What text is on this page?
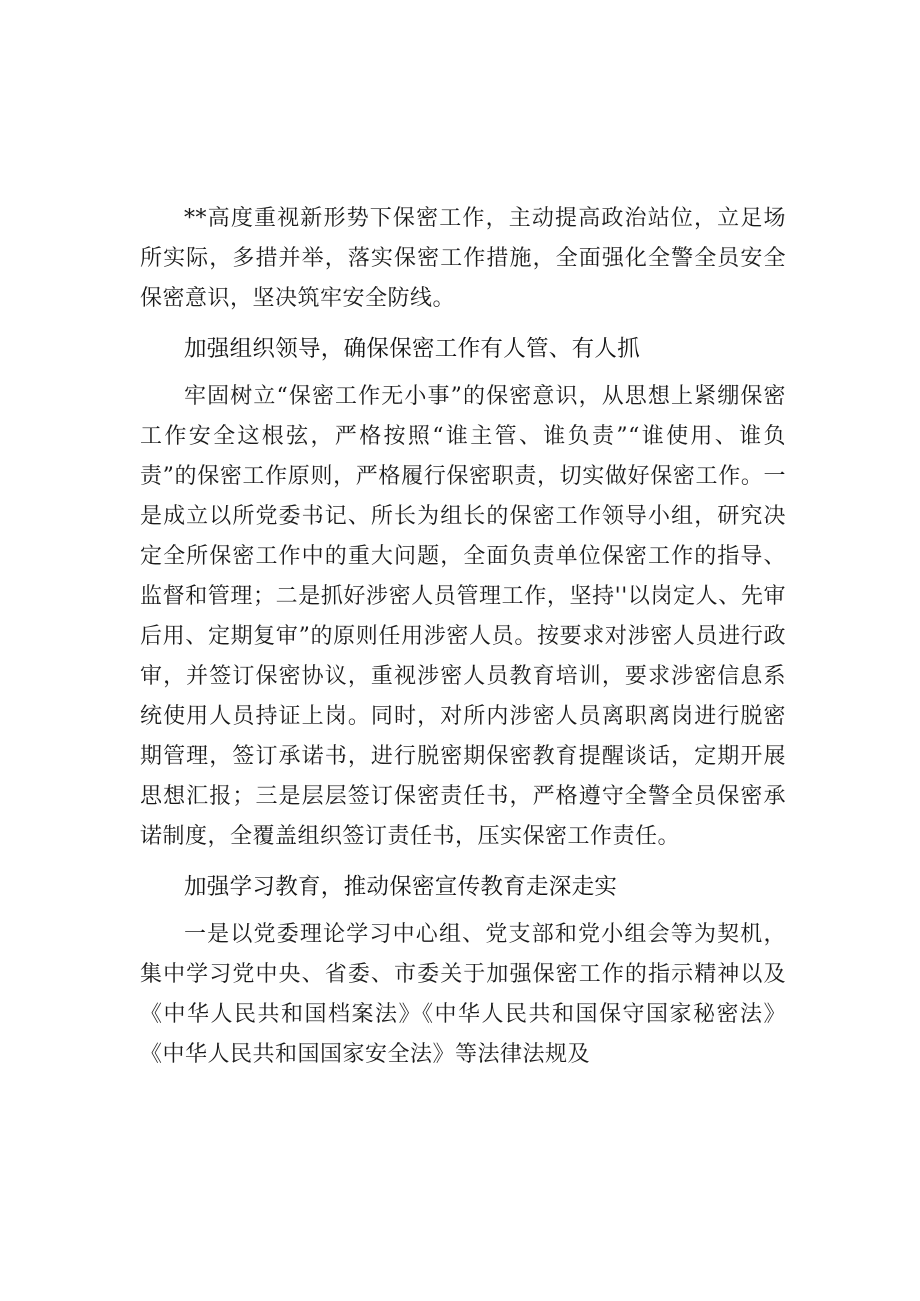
**高度重视新形势下保密工作，主动提高政治站位，立足场所实际，多措并举，落实保密工作措施，全面强化全警全员安全保密意识，坚决筑牢安全防线。

加强组织领导，确保保密工作有人管、有人抓

牢固树立“保密工作无小事”的保密意识，从思想上紧绷保密工作安全这根弦，严格按照“谁主管、谁负责”“谁使用、谁负责”的保密工作原则，严格履行保密职责，切实做好保密工作。一是成立以所党委书记、所长为组长的保密工作领导小组，研究决定全所保密工作中的重大问题，全面负责单位保密工作的指导、监督和管理；二是抓好涉密人员管理工作，坚持''以岗定人、先审后用、定期复审”的原则任用涉密人员。按要求对涉密人员进行政审，并签订保密协议，重视涉密人员教育培训，要求涉密信息系统使用人员持证上岗。同时，对所内涉密人员离职离岗进行脱密期管理，签订承诺书，进行脱密期保密教育提醒谈话，定期开展思想汇报；三是层层签订保密责任书，严格遵守全警全员保密承诺制度，全覆盖组织签订责任书，压实保密工作责任。

加强学习教育，推动保密宣传教育走深走实

一是以党委理论学习中心组、党支部和党小组会等为契机，集中学习党中央、省委、市委关于加强保密工作的指示精神以及《中华人民共和国档案法》《中华人民共和国保守国家秘密法》《中华人民共和国国家安全法》等法律法规及
